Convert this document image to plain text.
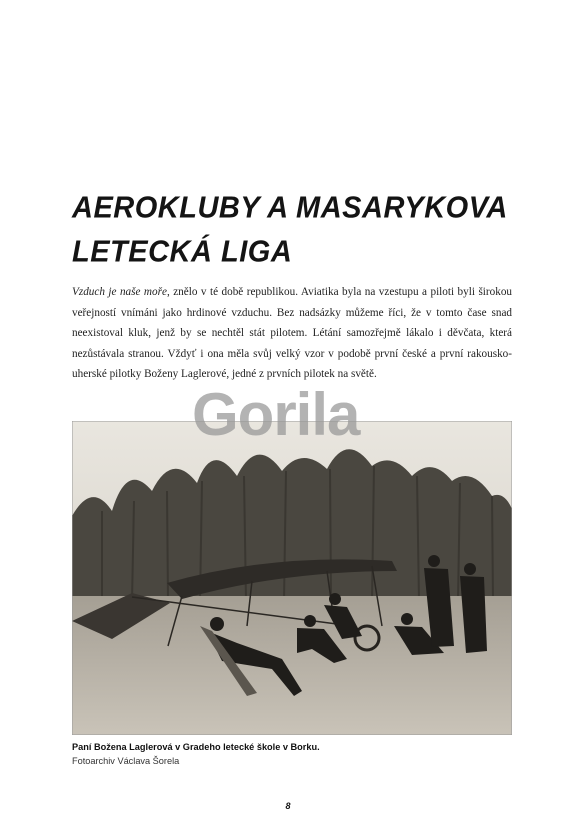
AEROKLUBY A MASARYKOVA
LETECKÁ LIGA

Vzduch je naše moře, znělo v té době republikou. Aviatika byla na vzestupu a piloti byli širokou veřejností vnímáni jako hrdinové vzduchu. Bez nadsázky můžeme říci, že v tomto čase snad neexistoval kluk, jenž by se nechtěl stát pilotem. Létání samozřejmě lákalo i děvčata, která nezůstávala stranou. Vždyť i ona měla svůj velký vzor v podobě první české a první rakousko-uherské pilotky Boženy Laglerové, jedné z prvních pilotek na světě.

Gorila
Paní Božena Laglerová v Gradeho letecké škole v Borku.
Fotoarchiv Václava Šorela
8
